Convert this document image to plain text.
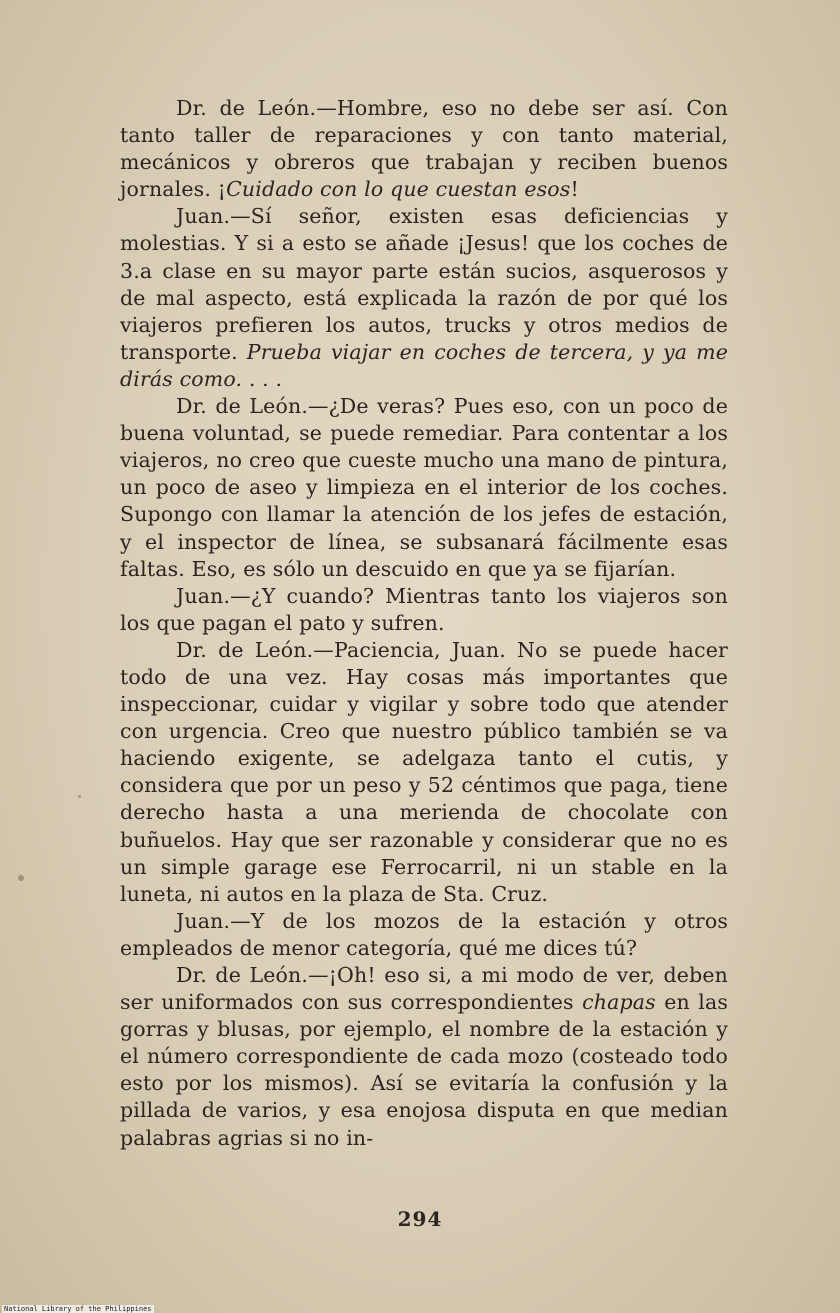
Dr. de León.—Hombre, eso no debe ser así. Con tanto taller de reparaciones y con tanto material, mecánicos y obreros que trabajan y reciben buenos jornales. ¡Cuidado con lo que cuestan esos!

Juan.—Sí señor, existen esas deficiencias y molestias. Y si a esto se añade ¡Jesus! que los coches de 3.a clase en su mayor parte están sucios, asquerosos y de mal aspecto, está explicada la razón de por qué los viajeros prefieren los autos, trucks y otros medios de transporte. Prueba viajar en coches de tercera, y ya me dirás como. . . .

Dr. de León.—¿De veras? Pues eso, con un poco de buena voluntad, se puede remediar. Para contentar a los viajeros, no creo que cueste mucho una mano de pintura, un poco de aseo y limpieza en el interior de los coches. Supongo con llamar la atención de los jefes de estación, y el inspector de línea, se subsanará fácilmente esas faltas. Eso, es sólo un descuido en que ya se fijarían.

Juan.—¿Y cuando? Mientras tanto los viajeros son los que pagan el pato y sufren.

Dr. de León.—Paciencia, Juan. No se puede hacer todo de una vez. Hay cosas más importantes que inspeccionar, cuidar y vigilar y sobre todo que atender con urgencia. Creo que nuestro público también se va haciendo exigente, se adelgaza tanto el cutis, y considera que por un peso y 52 céntimos que paga, tiene derecho hasta a una merienda de chocolate con buñuelos. Hay que ser razonable y considerar que no es un simple garage ese Ferrocarril, ni un stable en la luneta, ni autos en la plaza de Sta. Cruz.

Juan.—Y de los mozos de la estación y otros empleados de menor categoría, qué me dices tú?

Dr. de León.—¡Oh! eso si, a mi modo de ver, deben ser uniformados con sus correspondientes chapas en las gorras y blusas, por ejemplo, el nombre de la estación y el número correspondiente de cada mozo (costeado todo esto por los mismos). Así se evitaría la confusión y la pillada de varios, y esa enojosa disputa en que median palabras agrias si no in-

294
National Library of the Philippines
